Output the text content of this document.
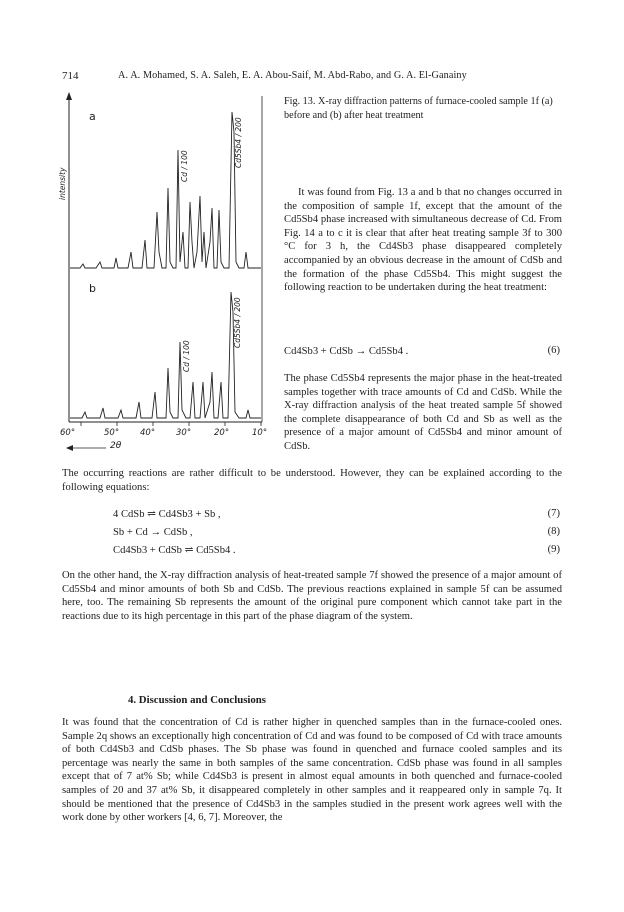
714	A. A. Mohamed, S. A. Saleh, E. A. Abou-Saif, M. Abd-Rabo, and G. A. El-Ganainy
a
b
intensity
Cd / 100	Cd5Sb4 / 200
Cd / 100
Cd5Sb4 / 200
60°	50° 40° 30°	20°	10°
2θ
Fig. 13. X-ray diffraction patterns of furnace-cooled sample 1f (a) before and (b) after heat treatment

It was found from Fig. 13 a and b that no changes occurred in the composition of sample 1f, except that the amount of the Cd5Sb4 phase increased with simultaneous decrease of Cd. From Fig. 14 a to c it is clear that after heat treating sample 3f to 300 °C for 3 h, the Cd4Sb3 phase disappeared completely accompanied by an obvious decrease in the amount of CdSb and the formation of the phase Cd5Sb4. This might suggest the following reaction to be undertaken during the heat treatment:

Cd4Sb3 + CdSb → Cd5Sb4 .	(6)

The phase Cd5Sb4 represents the major phase in the heat-treated samples together with trace amounts of Cd and CdSb. While the X-ray diffraction analysis of the heat treated sample 5f showed the complete disappearance of both Cd and Sb as well as the presence of a major amount of Cd5Sb4 and minor amount of CdSb.

The occurring reactions are rather difficult to be understood. However, they can be explained according to the following equations:

4 CdSb ⇌ Cd4Sb3 + Sb ,	(7)
Sb + Cd → CdSb ,	(8)
Cd4Sb3 + CdSb ⇌ Cd5Sb4 .	(9)

On the other hand, the X-ray diffraction analysis of heat-treated sample 7f showed the presence of a major amount of Cd5Sb4 and minor amounts of both Sb and CdSb. The previous reactions explained in sample 5f can be assumed here, too. The remaining Sb represents the amount of the original pure component which cannot take part in the reactions due to its high percentage in this part of the phase diagram of the system.

4. Discussion and Conclusions

It was found that the concentration of Cd is rather higher in quenched samples than in the furnace-cooled ones. Sample 2q shows an exceptionally high concentration of Cd and was found to be composed of Cd with trace amounts of both Cd4Sb3 and CdSb phases. The Sb phase was found in quenched and furnace cooled samples and its percentage was nearly the same in both samples of the same concentration. CdSb phase was found in all samples except that of 7 at% Sb; while Cd4Sb3 is present in almost equal amounts in both quenched and furnace-cooled samples of 20 and 37 at% Sb, it disappeared completely in other samples and it reappeared only in sample 7q. It should be mentioned that the presence of Cd4Sb3 in the samples studied in the present work agrees well with the work done by other workers [4, 6, 7]. Moreover, the
